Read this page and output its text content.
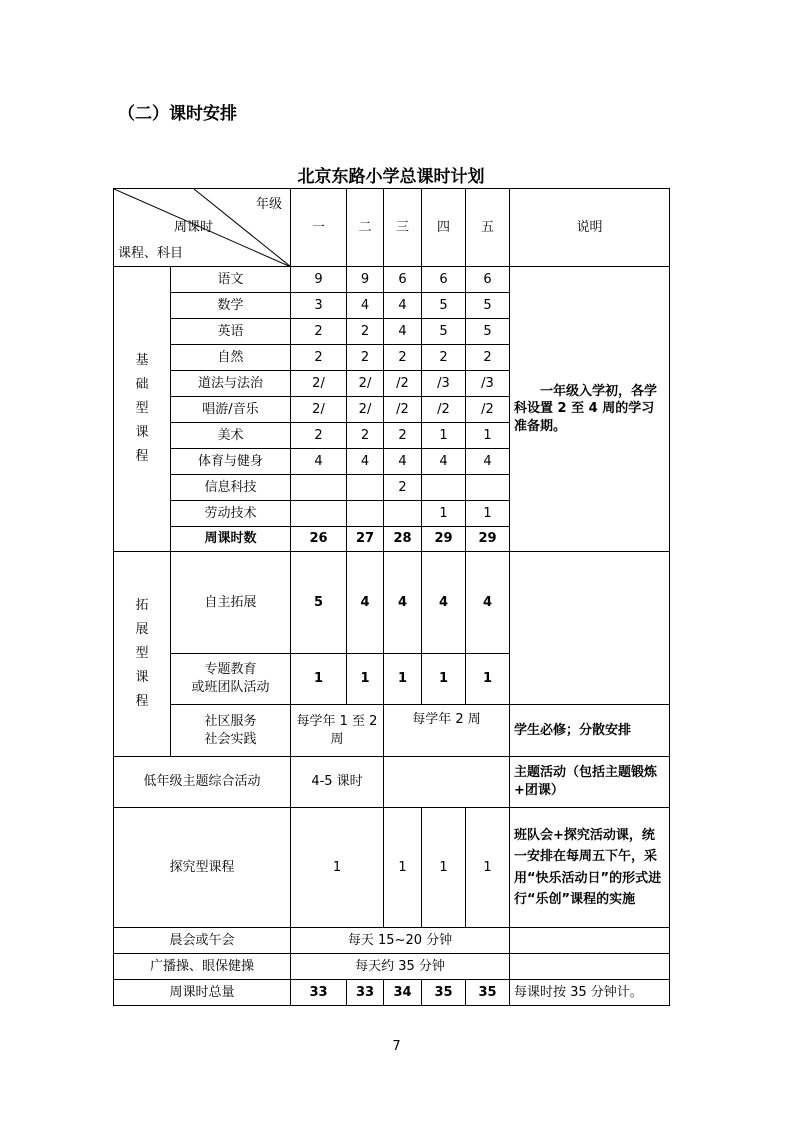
（二）课时安排
北京东路小学总课时计划
年级
周课时
课程、科目		一	二	三	四	五	说明
基础型课程	语文	9	9	6	6	6	一年级入学初，各学科设置 2 至 4 周的学习准备期。
	数学	3	4	4	5	5	
	英语	2	2	4	5	5	
	自然	2	2	2	2	2	
	道法与法治	2/	2/	/2	/3	/3	
	唱游/音乐	2/	2/	/2	/2	/2	
	美术	2	2	2	1	1	
	体育与健身	4	4	4	4	4	
	信息科技			2			
	劳动技术				1	1	
	周课时数	26	27	28	29	29	
拓展型课程	自主拓展	5	4	4	4	4	
	专题教育
或班团队活动	1	1	1	1	1	
	社区服务
社会实践	每学年 1 至 2 周		每学年 2 周			学生必修；分散安排
低年级主题综合活动		4-5 课时					主题活动（包括主题锻炼+团课）
探究型课程		1		1	1	1	班队会+探究活动课，统一安排在每周五下午，采用“快乐活动日”的形式进行“乐创”课程的实施
晨会或午会		每天 15~20 分钟					
广播操、眼保健操		每天约 35 分钟					
周课时总量		33	33	34	35	35	每课时按 35 分钟计。
7
